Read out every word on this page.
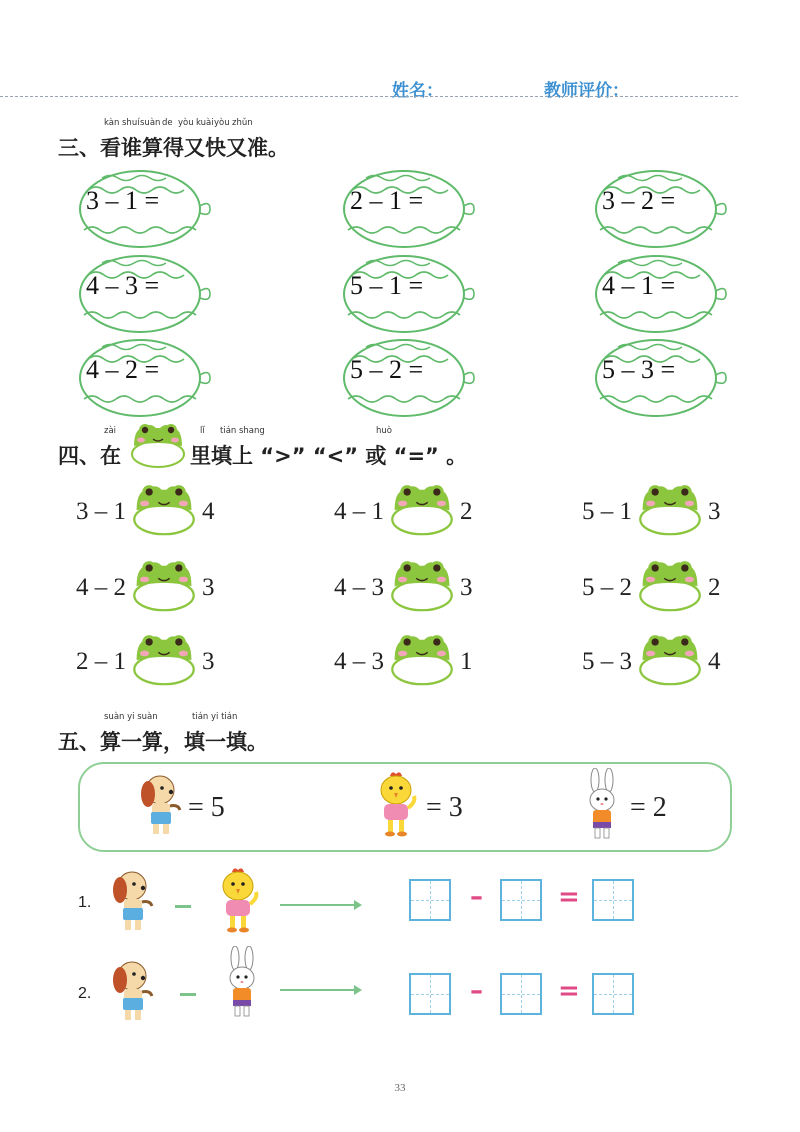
姓名：	教师评价：
kàn shuí suàn de yòu kuài yòu zhǔn
三、看谁算得又快又准。
3 – 1 =	2 – 1 =	3 – 2 =
4 – 3 =	5 – 1 =	4 – 1 =
4 – 2 =	5 – 2 =	5 – 3 =
zài	lǐ tián shang	huò
四、在	里填上 “>” “<” 或 “=” 。
3 – 1	4	4 – 1	2	5 – 1	3
4 – 2	3	4 – 3	3	5 – 2	2
2 – 1	3	4 – 3	1	5 – 3	4
suàn yi suàn	tián yi tián
五、算一算，填一填。
= 5	= 3	= 2
1.	–	=
2.	–	=
33
